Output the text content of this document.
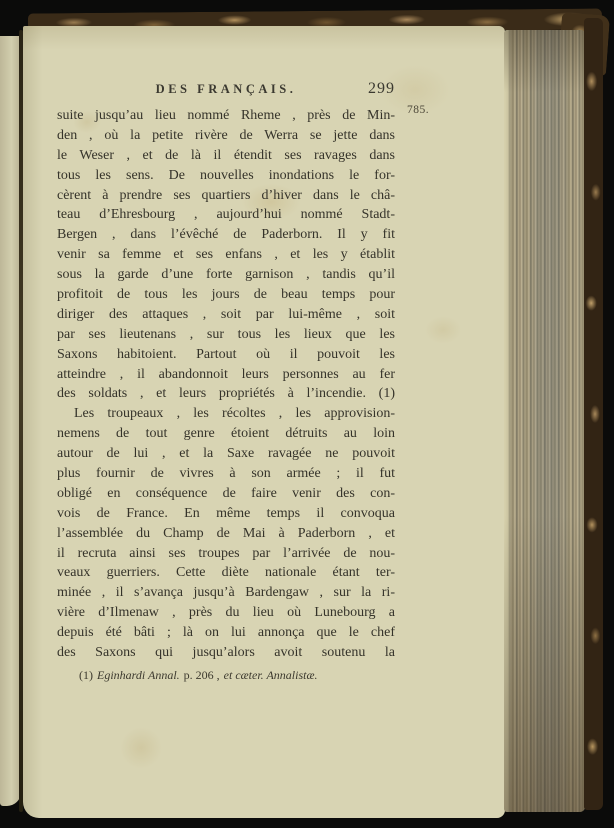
DES FRANÇAIS.	299
785.
suite jusqu’au lieu nommé Rheme , près de Min-
den , où la petite rivère de Werra se jette dans
le Weser , et de là il étendit ses ravages dans
tous les sens. De nouvelles inondations le for-
cèrent à prendre ses quartiers d’hiver dans le châ-
teau d’Ehresbourg , aujourd’hui nommé Stadt-
Bergen , dans l’évêché de Paderborn. Il y fit
venir sa femme et ses enfans , et les y établit
sous la garde d’une forte garnison , tandis qu’il
profitoit de tous les jours de beau temps pour
diriger des attaques , soit par lui-même , soit
par ses lieutenans , sur tous les lieux que les
Saxons habitoient. Partout où il pouvoit les
atteindre , il abandonnoit leurs personnes au fer
des soldats , et leurs propriétés à l’incendie. (1)
Les troupeaux , les récoltes , les approvision-
nemens de tout genre étoient détruits au loin
autour de lui , et la Saxe ravagée ne pouvoit
plus fournir de vivres à son armée ; il fut
obligé en conséquence de faire venir des con-
vois de France. En même temps il convoqua
l’assemblée du Champ de Mai à Paderborn , et
il recruta ainsi ses troupes par l’arrivée de nou-
veaux guerriers. Cette diète nationale étant ter-
minée , il s’avança jusqu’à Bardengaw , sur la ri-
vière d’Ilmenaw , près du lieu où Lunebourg a
depuis été bâti ; là on lui annonça que le chef
des Saxons qui jusqu’alors avoit soutenu la
(1) Eginhardi Annal. p. 206 , et cæter. Annalistæ.
